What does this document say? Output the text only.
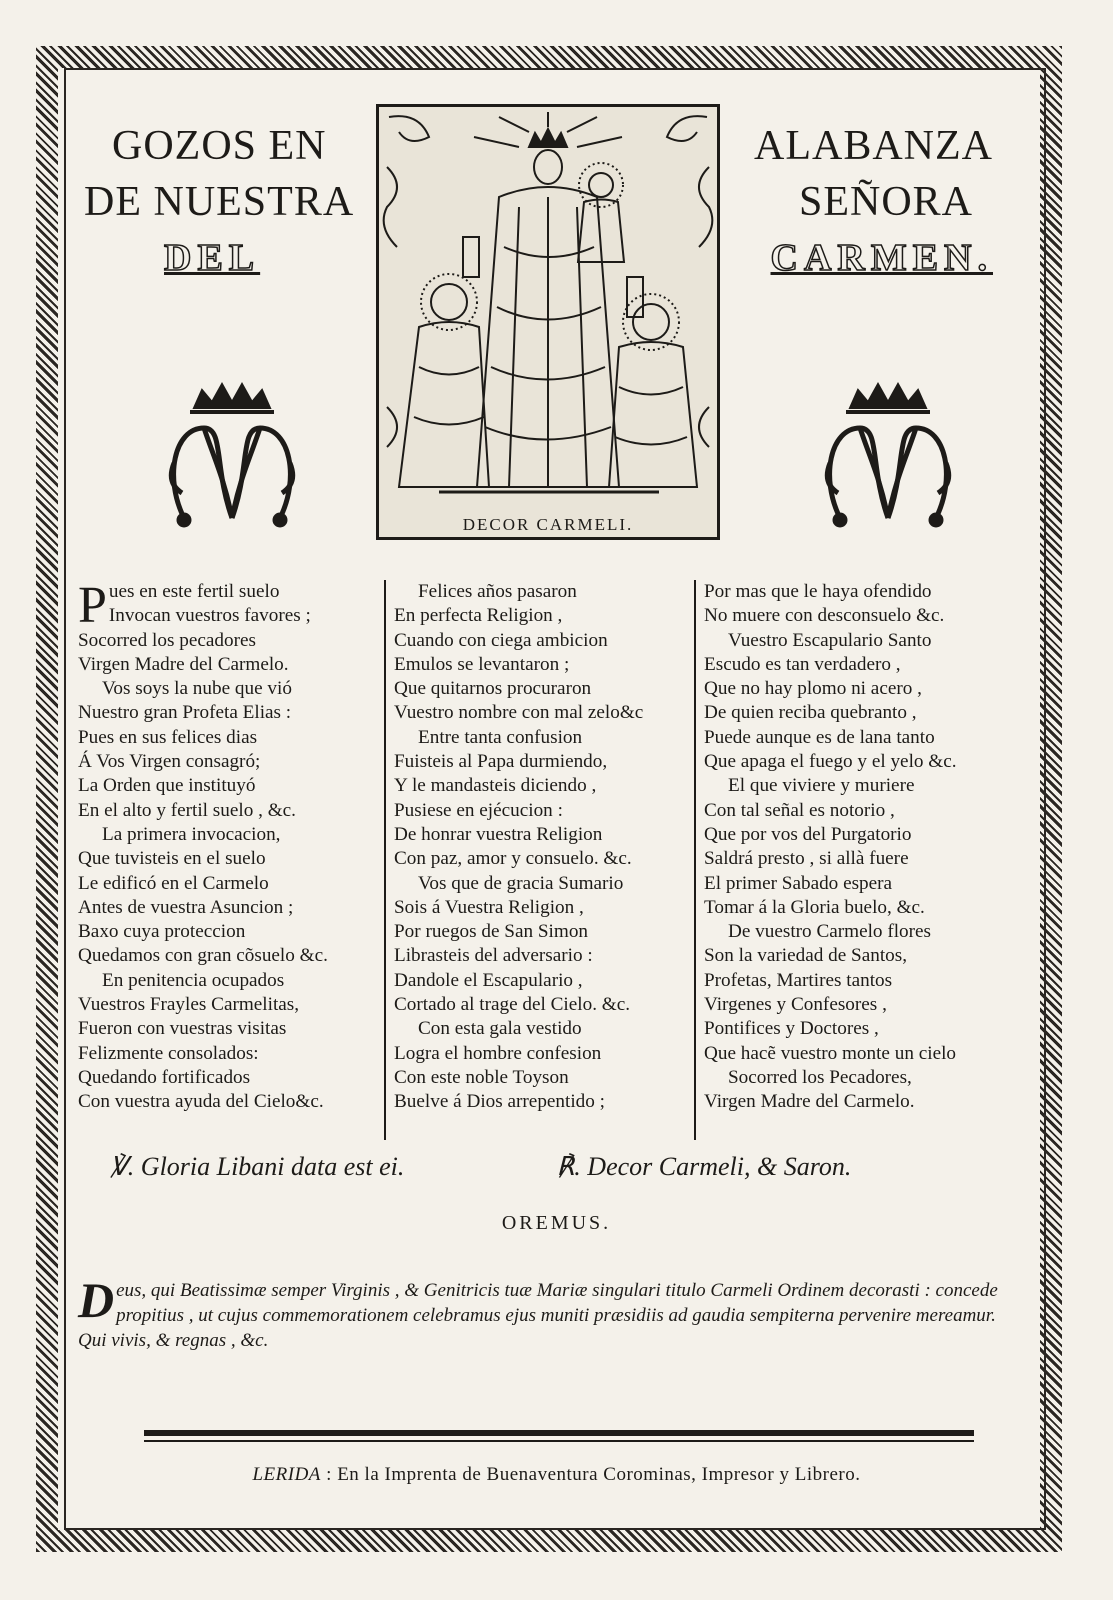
GOZOS EN
DE NUESTRA
DEL
ALABANZA
SEÑORA
CARMEN.
DECOR CARMELI.
P ues en este fertil suelo
Invocan vuestros favores ;
Socorred los pecadores
Virgen Madre del Carmelo.
Vos soys la nube que vió
Nuestro gran Profeta Elias :
Pues en sus felices dias
Á Vos Virgen consagró;
La Orden que instituyó
En el alto y fertil suelo , &c.
La primera invocacion,
Que tuvisteis en el suelo
Le edificó en el Carmelo
Antes de vuestra Asuncion ;
Baxo cuya proteccion
Quedamos con gran cõsuelo &c.
En penitencia ocupados
Vuestros Frayles Carmelitas,
Fueron con vuestras visitas
Felizmente consolados:
Quedando fortificados
Con vuestra ayuda del Cielo&c.
Felices años pasaron
En perfecta Religion ,
Cuando con ciega ambicion
Emulos se levantaron ;
Que quitarnos procuraron
Vuestro nombre con mal zelo&c
Entre tanta confusion
Fuisteis al Papa durmiendo,
Y le mandasteis diciendo ,
Pusiese en ejécucion :
De honrar vuestra Religion
Con paz, amor y consuelo. &c.
Vos que de gracia Sumario
Sois á Vuestra Religion ,
Por ruegos de San Simon
Librasteis del adversario :
Dandole el Escapulario ,
Cortado al trage del Cielo. &c.
Con esta gala vestido
Logra el hombre confesion
Con este noble Toyson
Buelve á Dios arrepentido ;
Por mas que le haya ofendido
No muere con desconsuelo &c.
Vuestro Escapulario Santo
Escudo es tan verdadero ,
Que no hay plomo ni acero ,
De quien reciba quebranto ,
Puede aunque es de lana tanto
Que apaga el fuego y el yelo &c.
El que viviere y muriere
Con tal señal es notorio ,
Que por vos del Purgatorio
Saldrá presto , si allà fuere
El primer Sabado espera
Tomar á la Gloria buelo, &c.
De vuestro Carmelo flores
Son la variedad de Santos,
Profetas, Martires tantos
Virgenes y Confesores ,
Pontifices y Doctores ,
Que hacẽ vuestro monte un cielo
Socorred los Pecadores,
Virgen Madre del Carmelo.
℣. Gloria Libani data est ei.	℟. Decor Carmeli, & Saron.
OREMUS.
Deus, qui Beatissimæ semper Virginis , & Genitricis tuæ Mariæ singulari titulo Carmeli Ordinem decorasti : concede propitius , ut cujus commemorationem celebramus ejus muniti præsidiis ad gaudia sempiterna pervenire mereamur. Qui vivis, & regnas , &c.
LERIDA : En la Imprenta de Buenaventura Corominas, Impresor y Librero.
